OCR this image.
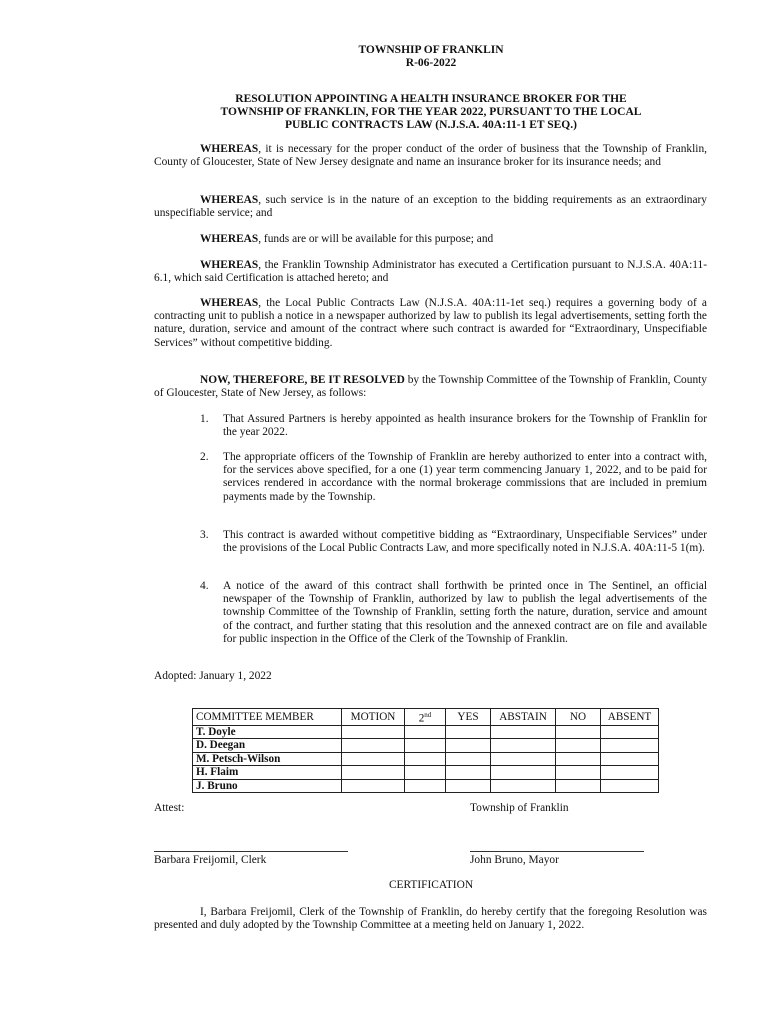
TOWNSHIP OF FRANKLIN
R-06-2022
RESOLUTION APPOINTING A HEALTH INSURANCE BROKER FOR THE
TOWNSHIP OF FRANKLIN, FOR THE YEAR 2022, PURSUANT TO THE LOCAL
PUBLIC CONTRACTS LAW (N.J.S.A. 40A:11-1 ET SEQ.)

WHEREAS, it is necessary for the proper conduct of the order of business that the Township of Franklin, County of Gloucester, State of New Jersey designate and name an insurance broker for its insurance needs; and

WHEREAS, such service is in the nature of an exception to the bidding requirements as an extraordinary unspecifiable service; and

WHEREAS, funds are or will be available for this purpose; and

WHEREAS, the Franklin Township Administrator has executed a Certification pursuant to N.J.S.A. 40A:11-6.1, which said Certification is attached hereto; and

WHEREAS, the Local Public Contracts Law (N.J.S.A. 40A:11-1et seq.) requires a governing body of a contracting unit to publish a notice in a newspaper authorized by law to publish its legal advertisements, setting forth the nature, duration, service and amount of the contract where such contract is awarded for “Extraordinary, Unspecifiable Services” without competitive bidding.

NOW, THEREFORE, BE IT RESOLVED by the Township Committee of the Township of Franklin, County of Gloucester, State of New Jersey, as follows:

1. That Assured Partners is hereby appointed as health insurance brokers for the Township of Franklin for the year 2022.
2. The appropriate officers of the Township of Franklin are hereby authorized to enter into a contract with, for the services above specified, for a one (1) year term commencing January 1, 2022, and to be paid for services rendered in accordance with the normal brokerage commissions that are included in premium payments made by the Township.
3. This contract is awarded without competitive bidding as “Extraordinary, Unspecifiable Services” under the provisions of the Local Public Contracts Law, and more specifically noted in N.J.S.A. 40A:11-5 1(m).
4. A notice of the award of this contract shall forthwith be printed once in The Sentinel, an official newspaper of the Township of Franklin, authorized by law to publish the legal advertisements of the township Committee of the Township of Franklin, setting forth the nature, duration, service and amount of the contract, and further stating that this resolution and the annexed contract are on file and available for public inspection in the Office of the Clerk of the Township of Franklin.

Adopted: January 1, 2022

COMMITTEE MEMBER	MOTION	2nd	YES	ABSTAIN	NO	ABSENT
T. Doyle						
D. Deegan						
M. Petsch-Wilson						
H. Flaim						
J. Bruno						
Attest:	Township of Franklin
Barbara Freijomil, Clerk	John Bruno, Mayor
CERTIFICATION

I, Barbara Freijomil, Clerk of the Township of Franklin, do hereby certify that the foregoing Resolution was presented and duly adopted by the Township Committee at a meeting held on January 1, 2022.
